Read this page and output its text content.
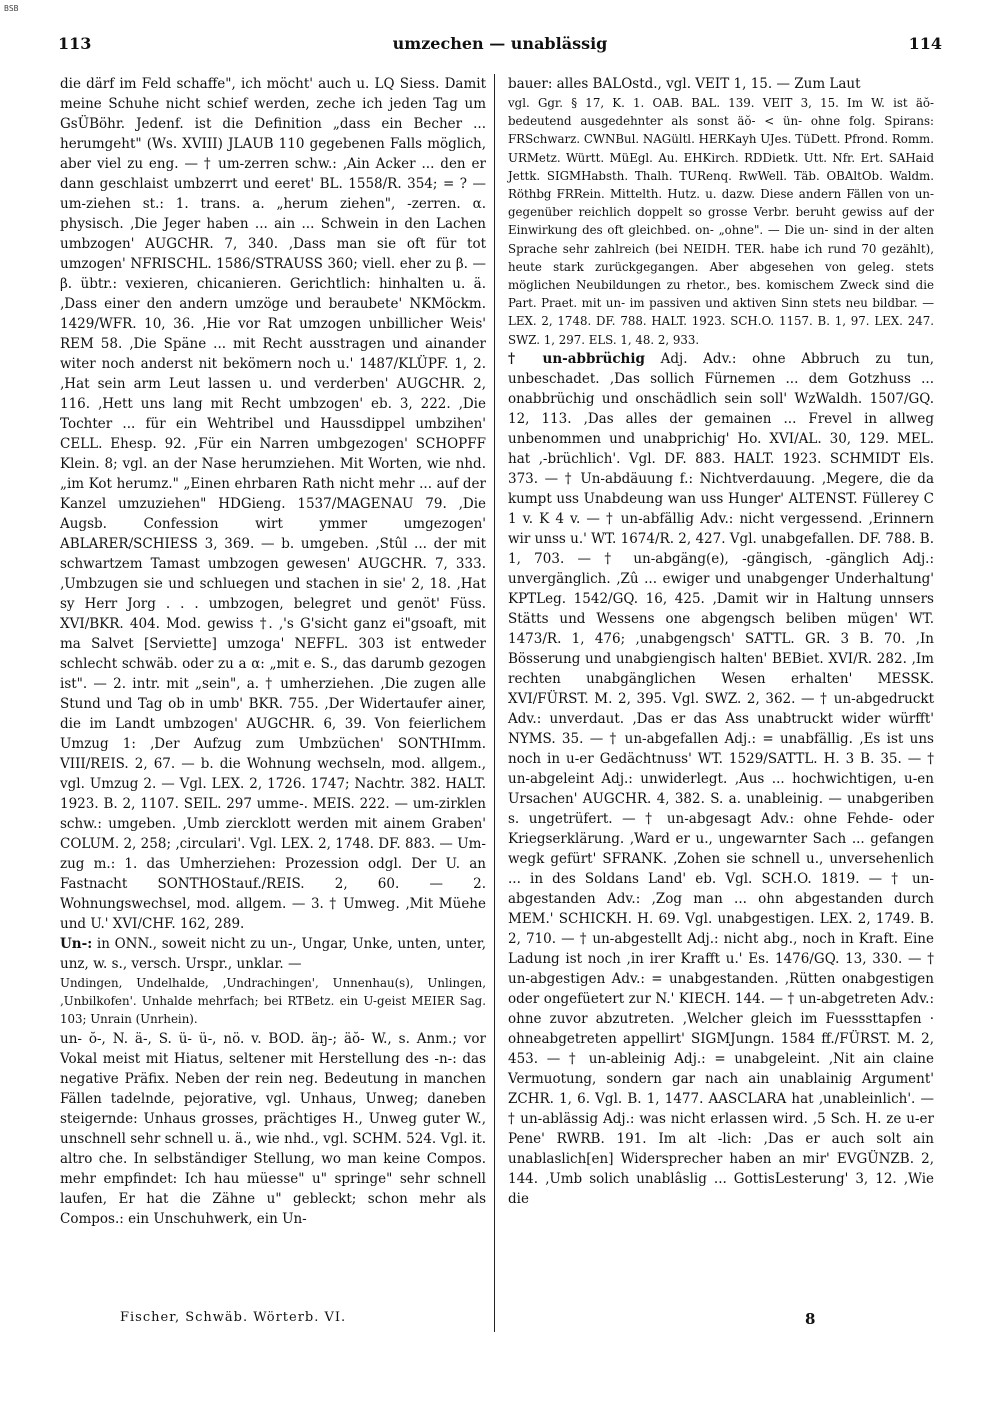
BSB
113	umzechen — unablässig	114

die därf im Feld schaffe", ich möcht' auch u. LQ Siess. Damit meine Schuhe nicht schief werden, zeche ich jeden Tag um GsÜBöhr. Jedenf. ist die Definition „dass ein Becher ... herumgeht" (Ws. XVIII) JLAUB 110 gegebenen Falls möglich, aber viel zu eng. — † um-zerren schw.: ‚Ain Acker ... den er dann geschlaist umbzerrt und eeret' BL. 1558/R. 354; = ? — um-ziehen st.: 1. trans. a. „herum ziehen", -zerren. α. physisch. ‚Die Jeger haben ... ain ... Schwein in den Lachen umbzogen' AUGCHR. 7, 340. ‚Dass man sie oft für tot umzogen' NFRISCHL. 1586/STRAUSS 360; viell. eher zu β. — β. übtr.: vexieren, chicanieren. Gerichtlich: hinhalten u. ä. ‚Dass einer den andern umzöge und beraubete' NKMöckm. 1429/WFR. 10, 36. ‚Hie vor Rat umzogen unbillicher Weis' REM 58. ‚Die Späne ... mit Recht ausstragen und ainander witer noch anderst nit bekömern noch u.' 1487/KLÜPF. 1, 2. ‚Hat sein arm Leut lassen u. und verderben' AUGCHR. 2, 116. ‚Hett uns lang mit Recht umbzogen' eb. 3, 222. ‚Die Tochter ... für ein Wehtribel und Haussdippel umbzihen' CELL. Ehesp. 92. ‚Für ein Narren umbgezogen' SCHOPFF Klein. 8; vgl. an der Nase herumziehen. Mit Worten, wie nhd. „im Kot herumz." „Einen ehrbaren Rath nicht mehr ... auf der Kanzel umzuziehen" HDGieng. 1537/MAGENAU 79. ‚Die Augsb. Confession wirt ymmer umgezogen' ABLARER/SCHIESS 3, 369. — b. umgeben. ‚Stûl ... der mit schwartzem Tamast umbzogen gewesen' AUGCHR. 7, 333. ‚Umbzugen sie und schluegen und stachen in sie' 2, 18. ‚Hat sy Herr Jorg . . . umbzogen, belegret und genöt' Füss. XVI/BKR. 404. Mod. gewiss †. ‚'s G'sicht ganz ei"gsoaft, mit ma Salvet [Serviette] umzoga' NEFFL. 303 ist entweder schlecht schwäb. oder zu a α: „mit e. S., das darumb gezogen ist". — 2. intr. mit „sein", a. † umherziehen. ‚Die zugen alle Stund und Tag ob in umb' BKR. 755. ‚Der Widertaufer ainer, die im Landt umbzogen' AUGCHR. 6, 39. Von feierlichem Umzug 1: ‚Der Aufzug zum Umbzüchen' SONTHImm. VIII/REIS. 2, 67. — b. die Wohnung wechseln, mod. allgem., vgl. Umzug 2. — Vgl. LEX. 2, 1726. 1747; Nachtr. 382. HALT. 1923. B. 2, 1107. SEIL. 297 umme-. MEIS. 222. — um-zirklen schw.: umgeben. ‚Umb ziercklott werden mit ainem Graben' COLUM. 2, 258; ‚circulari'. Vgl. LEX. 2, 1748. DF. 883. — Um-zug m.: 1. das Umherziehen: Prozession odgl. Der U. an Fastnacht SONTHOStauf./REIS. 2, 60. — 2. Wohnungswechsel, mod. allgem. — 3. † Umweg. ‚Mit Müehe und U.' XVI/CHF. 162, 289.

Un-: in ONN., soweit nicht zu un-, Ungar, Unke, unten, unter, unz, w. s., versch. Urspr., unklar. —

Undingen, Undelhalde, ‚Undrachingen', Unnenhau(s), Unlingen, ‚Unbilkofen'. Unhalde mehrfach; bei RTBetz. ein U-geist MEIER Sag. 103; Unrain (Unrhein).

un- ŏ-, N. ä-, S. ü- ü-, nö. v. BOD. äŋ-; äŏ- W., s. Anm.; vor Vokal meist mit Hiatus, seltener mit Herstellung des -n-: das negative Präfix. Neben der rein neg. Bedeutung in manchen Fällen tadelnde, pejorative, vgl. Unhaus, Unweg; daneben steigernde: Unhaus grosses, prächtiges H., Unweg guter W., unschnell sehr schnell u. ä., wie nhd., vgl. SCHM. 524. Vgl. it. altro che. In selbständiger Stellung, wo man keine Compos. mehr empfindet: Ich hau müesse" u" springe" sehr schnell laufen, Er hat die Zähne u" gebleckt; schon mehr als Compos.: ein Unschuhwerk, ein Un-

bauer: alles BALOstd., vgl. VEIT 1, 15. — Zum Laut

vgl. Ggr. § 17, K. 1. OAB. BAL. 139. VEIT 3, 15. Im W. ist äŏ- bedeutend ausgedehnter als sonst äŏ- < ün- ohne folg. Spirans: FRSchwarz. CWNBul. NAGültl. HERKayh UJes. TüDett. Pfrond. Romm. URMetz. Württ. MüEgl. Au. EHKirch. RDDietk. Utt. Nfr. Ert. SAHaid Jettk. SIGMHabsth. Thalh. TURenq. RwWell. Täb. OBAltOb. Waldm. Röthbg FRRein. Mittelth. Hutz. u. dazw. Diese andern Fällen von un- gegenüber reichlich doppelt so grosse Verbr. beruht gewiss auf der Einwirkung des oft gleichbed. on- „ohne". — Die un- sind in der alten Sprache sehr zahlreich (bei NEIDH. TER. habe ich rund 70 gezählt), heute stark zurückgegangen. Aber abgesehen von geleg. stets möglichen Neubildungen zu rhetor., bes. komischem Zweck sind die Part. Praet. mit un- im passiven und aktiven Sinn stets neu bildbar. — LEX. 2, 1748. DF. 788. HALT. 1923. SCH.O. 1157. B. 1, 97. LEX. 247. SWZ. 1, 297. ELS. 1, 48. 2, 933.

† un-abbrüchig Adj. Adv.: ohne Abbruch zu tun, unbeschadet. ‚Das sollich Fürnemen ... dem Gotzhuss ... onabbrüchig und onschädlich sein soll' WzWaldh. 1507/GQ. 12, 113. ‚Das alles der gemainen ... Frevel in allweg unbenommen und unabprichig' Ho. XVI/AL. 30, 129. MEL. hat ‚-brüchlich'. Vgl. DF. 883. HALT. 1923. SCHMIDT Els. 373. — † Un-abdäuung f.: Nichtverdauung. ‚Megere, die da kumpt uss Unabdeung wan uss Hunger' ALTENST. Füllerey C 1 v. K 4 v. — † un-abfällig Adv.: nicht vergessend. ‚Erinnern wir unss u.' WT. 1674/R. 2, 427. Vgl. unabgefallen. DF. 788. B. 1, 703. — † un-abgäng(e), -gängisch, -gänglich Adj.: unvergänglich. ‚Zû ... ewiger und unabgenger Underhaltung' KPTLeg. 1542/GQ. 16, 425. ‚Damit wir in Haltung unnsers Stätts und Wessens one abgengsch beliben mügen' WT. 1473/R. 1, 476; ‚unabgengsch' SATTL. GR. 3 B. 70. ‚In Bösserung und unabgiengisch halten' BEBiet. XVI/R. 282. ‚Im rechten unabgänglichen Wesen erhalten' MESSK. XVI/FÜRST. M. 2, 395. Vgl. SWZ. 2, 362. — † un-abgedruckt Adv.: unverdaut. ‚Das er das Ass unabtruckt wider würfft' NYMS. 35. — † un-abgefallen Adj.: = unabfällig. ‚Es ist uns noch in u-er Gedächtnuss' WT. 1529/SATTL. H. 3 B. 35. — † un-abgeleint Adj.: unwiderlegt. ‚Aus ... hochwichtigen, u-en Ursachen' AUGCHR. 4, 382. S. a. unableinig. — unabgeriben s. ungetrüfert. — † un-abgesagt Adv.: ohne Fehde- oder Kriegserklärung. ‚Ward er u., ungewarnter Sach ... gefangen wegk gefürt' SFRANK. ‚Zohen sie schnell u., unversehenlich ... in des Soldans Land' eb. Vgl. SCH.O. 1819. — † un-abgestanden Adv.: ‚Zog man ... ohn abgestanden durch MEM.' SCHICKH. H. 69. Vgl. unabgestigen. LEX. 2, 1749. B. 2, 710. — † un-abgestellt Adj.: nicht abg., noch in Kraft. Eine Ladung ist noch ‚in irer Krafft u.' Es. 1476/GQ. 13, 330. — † un-abgestigen Adv.: = unabgestanden. ‚Rütten onabgestigen oder ongefüetert zur N.' KIECH. 144. — † un-abgetreten Adv.: ohne zuvor abzutreten. ‚Welcher gleich im Fuesssttapfen · ohneabgetreten appellirt' SIGMJungn. 1584 ff./FÜRST. M. 2, 453. — † un-ableinig Adj.: = unabgeleint. ‚Nit ain claine Vermuotung, sondern gar nach ain unablainig Argument' ZCHR. 1, 6. Vgl. B. 1, 1477. AASCLARA hat ‚unableinlich'. — † un-ablässig Adj.: was nicht erlassen wird. ‚5 Sch. H. ze u-er Pene' RWRB. 191. Im alt -lich: ‚Das er auch solt ain unablaslich[en] Widersprecher haben an mir' EVGÜNZB. 2, 144. ‚Umb solich unablâslig ... GottisLesterung' 3, 12. ‚Wie die

Fischer, Schwäb. Wörterb. VI.	8
